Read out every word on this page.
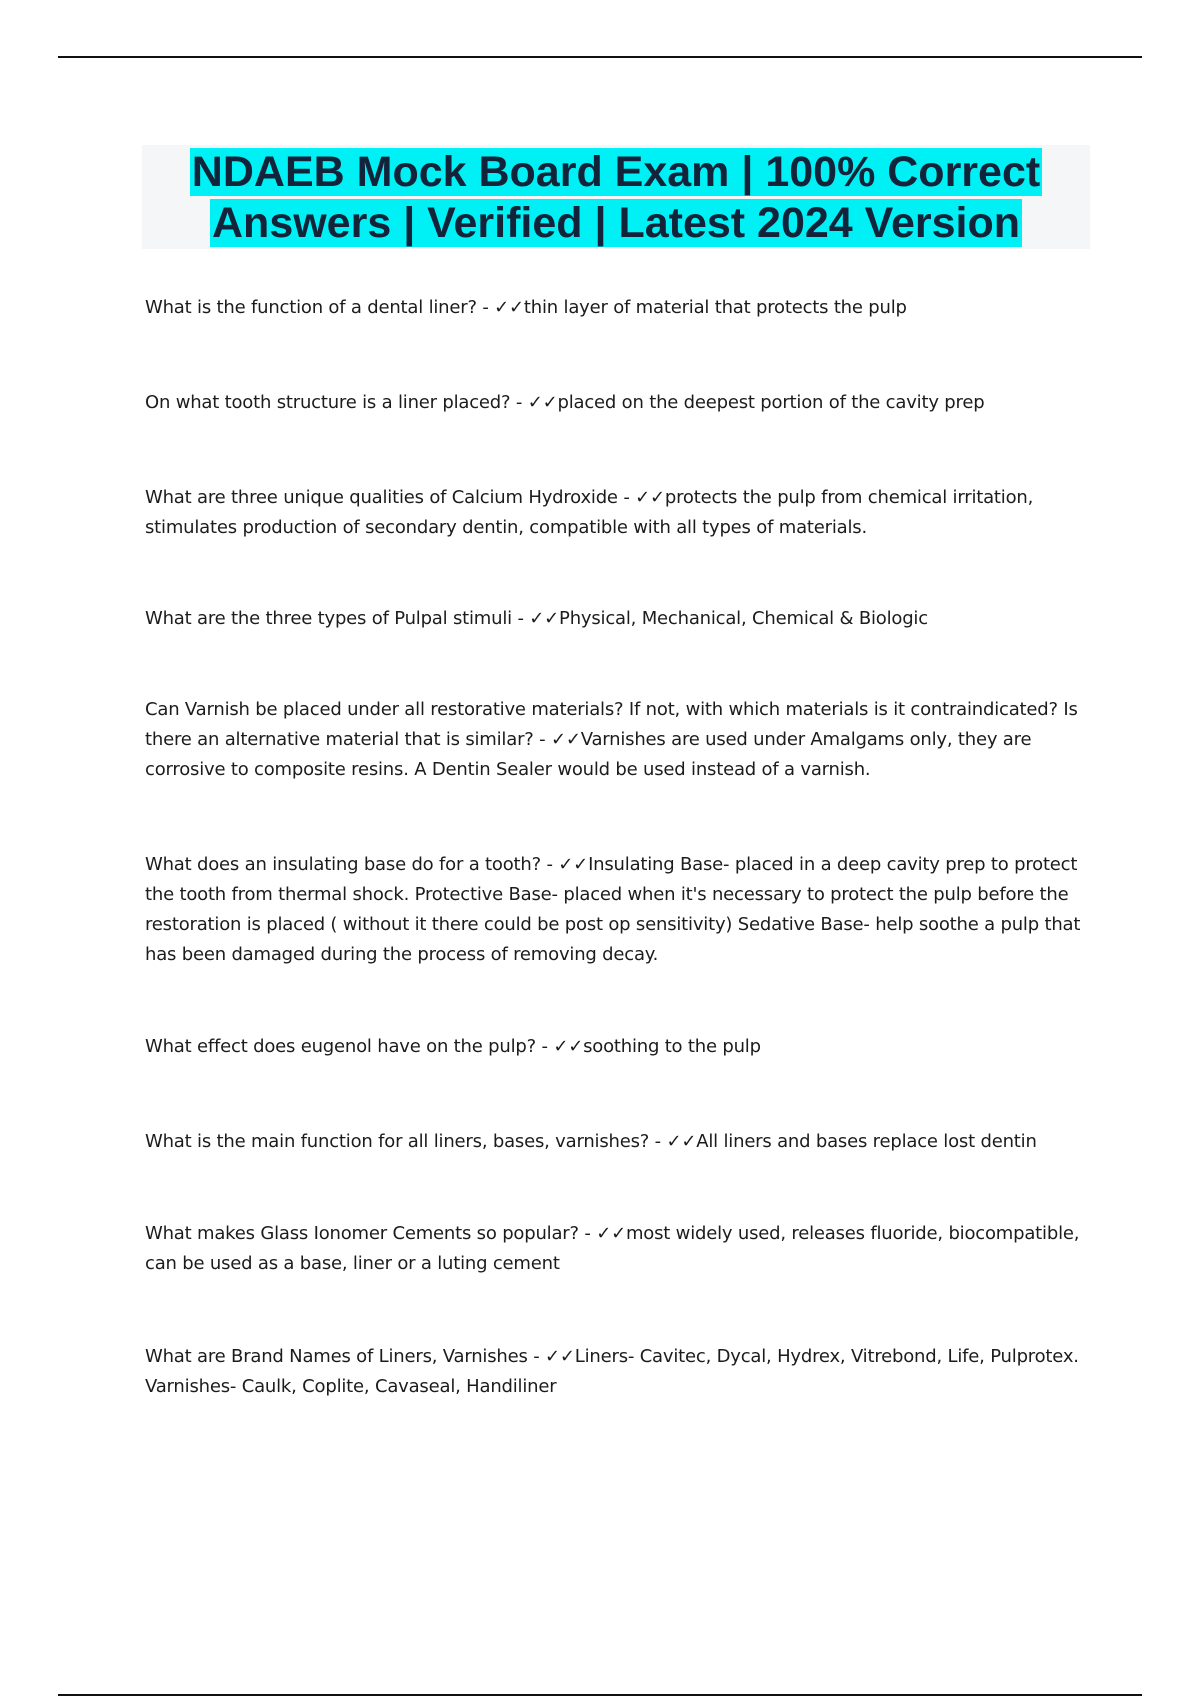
NDAEB Mock Board Exam | 100% Correct Answers | Verified | Latest 2024 Version

What is the function of a dental liner? - ✓✓thin layer of material that protects the pulp

On what tooth structure is a liner placed? - ✓✓placed on the deepest portion of the cavity prep

What are three unique qualities of Calcium Hydroxide - ✓✓protects the pulp from chemical irritation, stimulates production of secondary dentin, compatible with all types of materials.

What are the three types of Pulpal stimuli - ✓✓Physical, Mechanical, Chemical & Biologic

Can Varnish be placed under all restorative materials? If not, with which materials is it contraindicated? Is there an alternative material that is similar? - ✓✓Varnishes are used under Amalgams only, they are corrosive to composite resins. A Dentin Sealer would be used instead of a varnish.

What does an insulating base do for a tooth? - ✓✓Insulating Base- placed in a deep cavity prep to protect the tooth from thermal shock. Protective Base- placed when it's necessary to protect the pulp before the restoration is placed ( without it there could be post op sensitivity) Sedative Base- help soothe a pulp that has been damaged during the process of removing decay.

What effect does eugenol have on the pulp? - ✓✓soothing to the pulp

What is the main function for all liners, bases, varnishes? - ✓✓All liners and bases replace lost dentin

What makes Glass Ionomer Cements so popular? - ✓✓most widely used, releases fluoride, biocompatible, can be used as a base, liner or a luting cement

What are Brand Names of Liners, Varnishes - ✓✓Liners- Cavitec, Dycal, Hydrex, Vitrebond, Life, Pulprotex. Varnishes- Caulk, Coplite, Cavaseal, Handiliner
